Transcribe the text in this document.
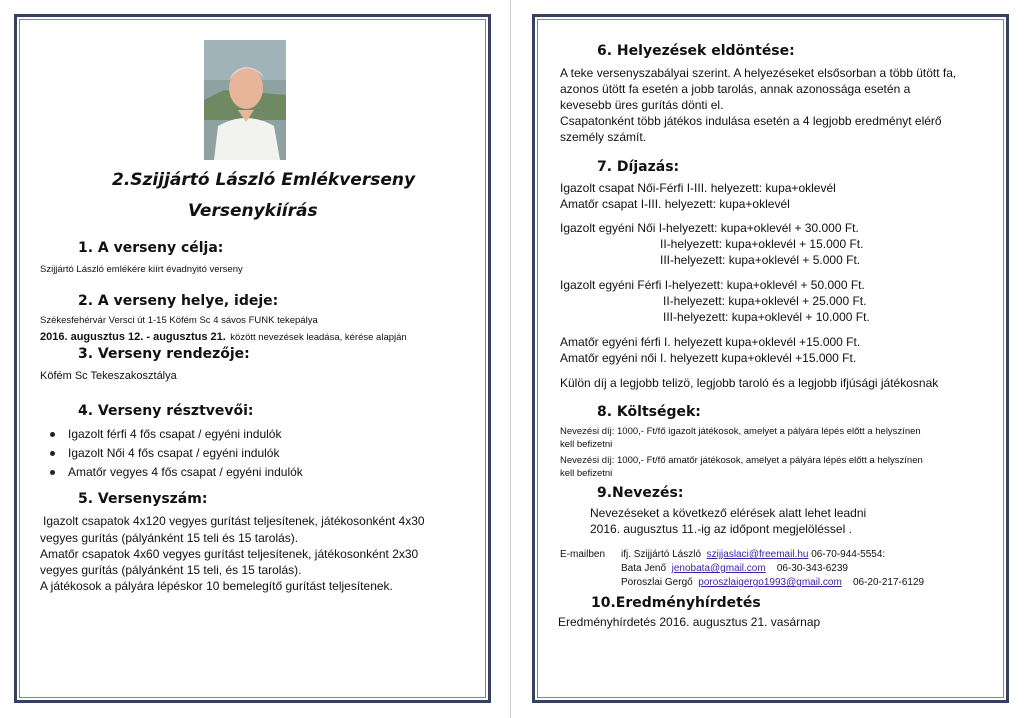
2.Szijjártó László Emlékverseny
Versenykiírás
1. A verseny célja:
Szijjártó László emlékére kiírt évadnyitó verseny
2. A verseny helye, ideje:
Székesfehérvár Versci út 1-15 Köfém Sc 4 sávos FUNK tekepálya
2016. augusztus 12. - augusztus 21. között nevezések leadása, kérése alapján
3. Verseny rendezője:
Köfém Sc Tekeszakosztálya
4. Verseny résztvevői:
Igazolt férfi 4 fős csapat / egyéni indulók
Igazolt Női 4 fős csapat / egyéni indulók
Amatőr vegyes 4 fős csapat / egyéni indulók
5. Versenyszám:
Igazolt csapatok 4x120 vegyes gurítást teljesítenek, játékosonként 4x30
vegyes gurítás (pályánként 15 teli és 15 tarolás).
Amatőr csapatok 4x60 vegyes gurítást teljesítenek, játékosonként 2x30
vegyes gurítás (pályánként 15 teli, és 15 tarolás).
A játékosok a pályára lépéskor 10 bemelegítő gurítást teljesítenek.
6. Helyezések eldöntése:
A teke versenyszabályai szerint. A helyezéseket elsősorban a több ütött fa,
azonos ütött fa esetén a jobb tarolás, annak azonossága esetén a
kevesebb üres gurítás dönti el.
Csapatonként több játékos indulása esetén a 4 legjobb eredményt elérő
személy számít.
7. Díjazás:
Igazolt csapat Női-Férfi I-III. helyezett: kupa+oklevél
Amatőr csapat I-III. helyezett: kupa+oklevél
Igazolt egyéni Női I-helyezett: kupa+oklevél + 30.000 Ft.
II-helyezett: kupa+oklevél + 15.000 Ft.
III-helyezett: kupa+oklevél + 5.000 Ft.
Igazolt egyéni Férfi I-helyezett: kupa+oklevél + 50.000 Ft.
II-helyezett: kupa+oklevél + 25.000 Ft.
III-helyezett: kupa+oklevél + 10.000 Ft.
Amatőr egyéni férfi I. helyezett kupa+oklevél +15.000 Ft.
Amatőr egyéni női I. helyezett kupa+oklevél +15.000 Ft.
Külön díj a legjobb telizö, legjobb taroló és a legjobb ifjúsági játékosnak
8. Költségek:
Nevezési díj: 1000,- Ft/fő igazolt játékosok, amelyet a pályára lépés előtt a helyszínen
kell befizetni
Nevezési díj: 1000,- Ft/fő amatőr játékosok, amelyet a pályára lépés előtt a helyszínen
kell befizetni
9.Nevezés:
Nevezéseket a következő elérések alatt lehet leadni
2016. augusztus 11.-ig az időpont megjelöléssel .
E-mailben ifj. Szijjártó László szijjaslaci@freemail.hu 06-70-944-5554:
Bata Jenő jenobata@gmail.com 06-30-343-6239
Poroszlai Gergő poroszlaigergo1993@gmail.com 06-20-217-6129
10.Eredményhírdetés
Eredményhírdetés 2016. augusztus 21. vasárnap
